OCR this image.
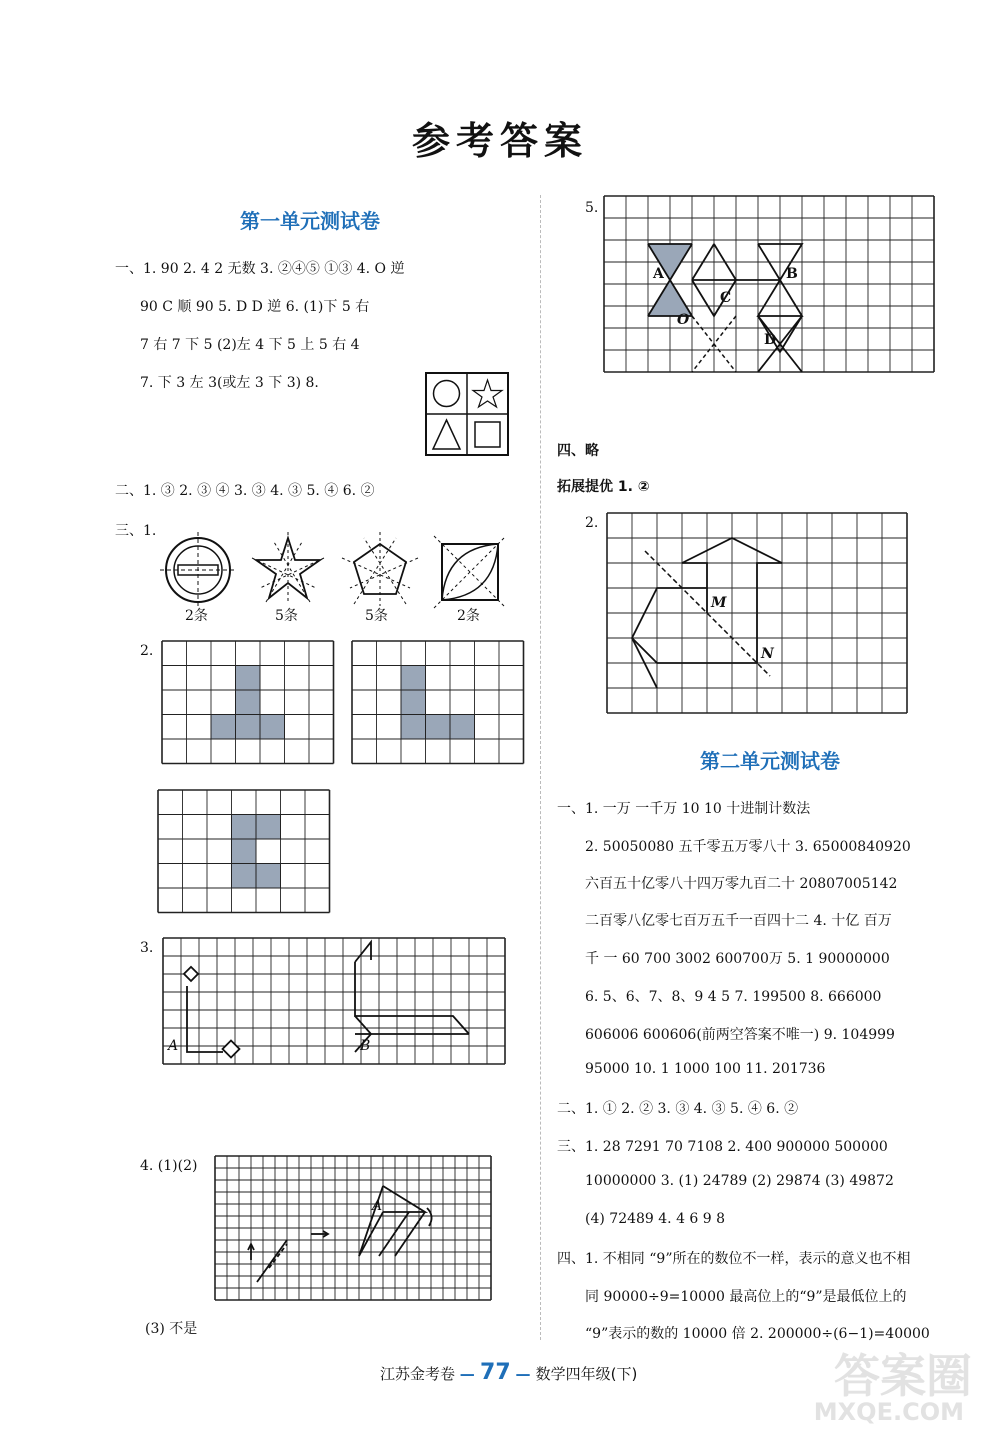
参考答案
第一单元测试卷
一、1. 90 2. 4 2 无数 3. ②④⑤ ①③ 4. O 逆
90 C 顺 90 5. D D 逆 6. (1)下 5 右
7 右 7 下 5 (2)左 4 下 5 上 5 右 4
7. 下 3 左 3(或左 3 下 3) 8.
二、1. ③ 2. ③ ④ 3. ③ 4. ③ 5. ④ 6. ②
三、1.
2条	5条	5条	2条
2.
3.
A	B
4. (1)(2)
A
(3) 不是
5.
A	B
C
D
O
四、略
拓展提优 1. ②
2.
M
N
第二单元测试卷
一、1. 一万 一千万 10 10 十进制计数法
2. 50050080 五千零五万零八十 3. 65000840920
六百五十亿零八十四万零九百二十 20807005142
二百零八亿零七百万五千一百四十二 4. 十亿 百万
千 一 60 700 3002 600700万 5. 1 90000000
6. 5、6、7、8、9 4 5 7. 199500 8. 666000
606006 600606(前两空答案不唯一) 9. 104999
95000 10. 1 1000 100 11. 201736
二、1. ① 2. ② 3. ③ 4. ③ 5. ④ 6. ②
三、1. 28 7291 70 7108 2. 400 900000 500000
10000000 3. (1) 24789 (2) 29874 (3) 49872
(4) 72489 4. 4 6 9 8
四、1. 不相同 “9”所在的数位不一样，表示的意义也不相
同 90000÷9=10000 最高位上的“9”是最低位上的
“9”表示的数的 10000 倍 2. 200000÷(6−1)=40000
江苏金考卷 — 77 — 数学四年级(下)	答案圈
MXQE.COM
